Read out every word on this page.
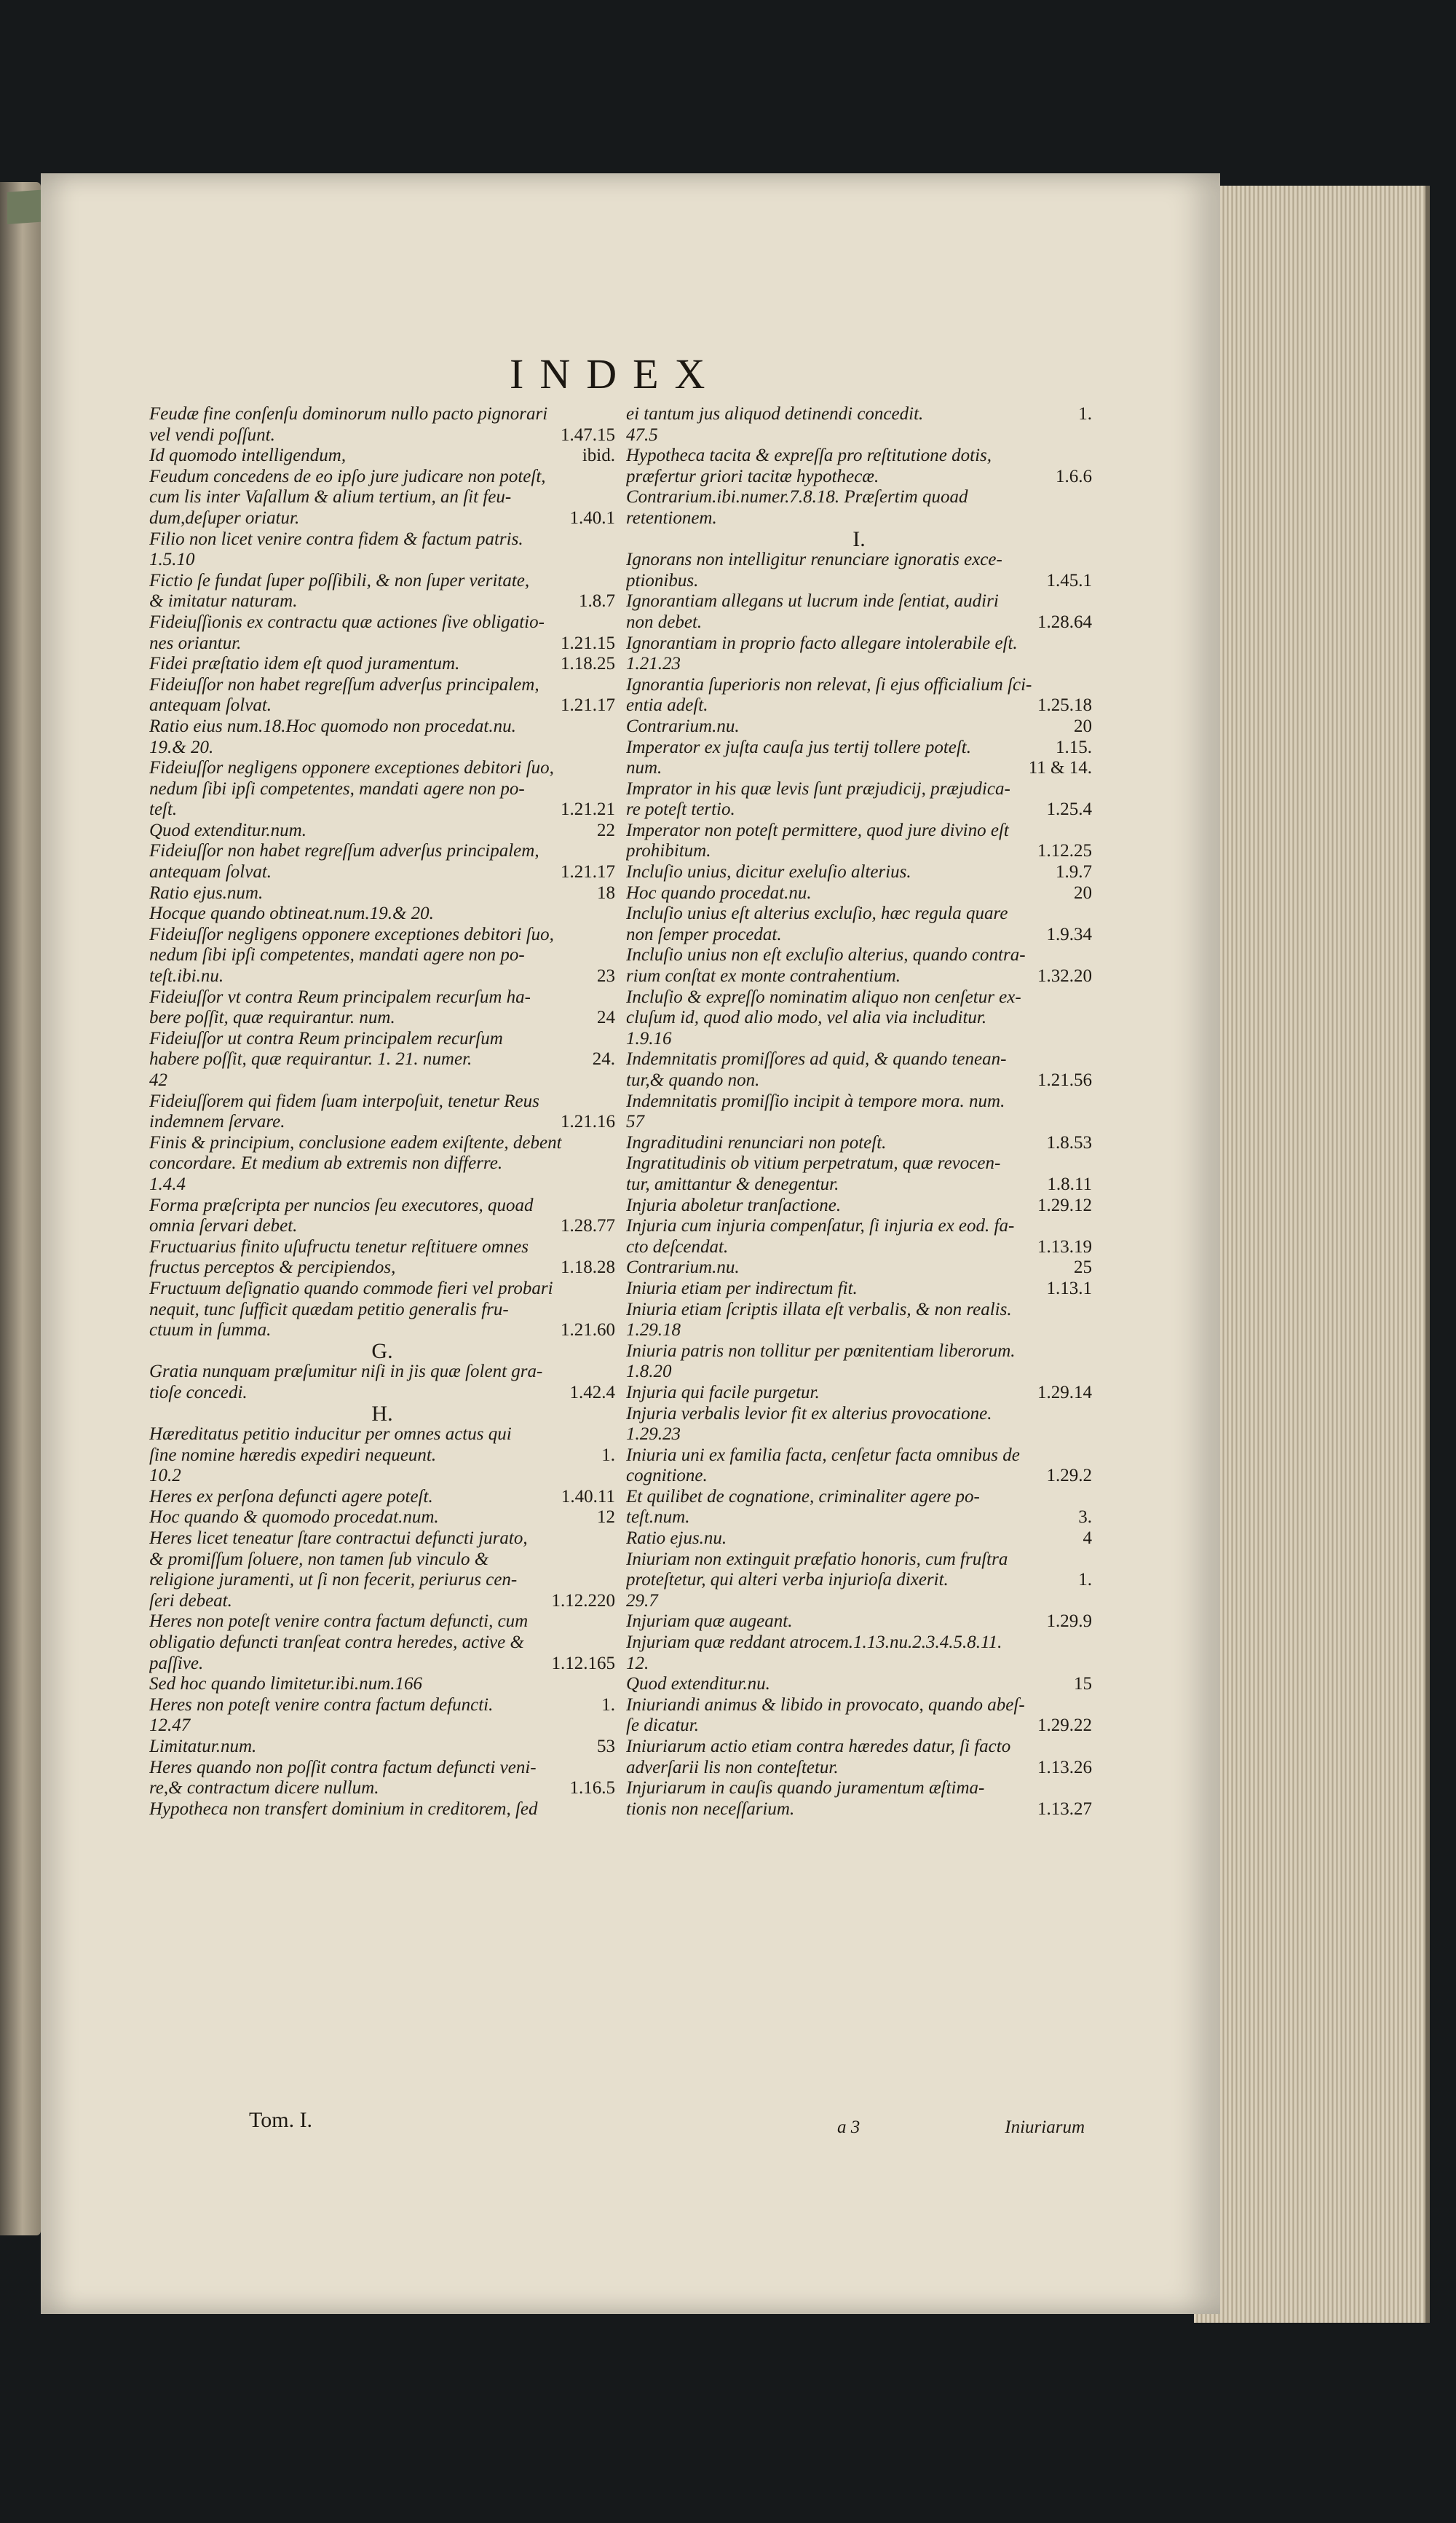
INDEX
Feudæ fine conſenſu dominorum nullo pacto pignorari
vel vendi poſſunt.	1.47.15
Id quomodo intelligendum,	ibid.
Feudum concedens de eo ipſo jure judicare non poteſt,
cum lis inter Vaſallum & alium tertium, an ſit feu-
dum,deſuper oriatur.	1.40.1
Filio non licet venire contra fidem & factum patris.
1.5.10
Fictio ſe fundat ſuper poſſibili, & non ſuper veritate,
& imitatur naturam.	1.8.7
Fideiuſſionis ex contractu quæ actiones ſive obligatio-
nes oriantur.	1.21.15
Fidei præſtatio idem eſt quod juramentum.	1.18.25
Fideiuſſor non habet regreſſum adverſus principalem,
antequam ſolvat.	1.21.17
Ratio eius num.18.Hoc quomodo non procedat.nu.
19.& 20.
Fideiuſſor negligens opponere exceptiones debitori ſuo,
nedum ſibi ipſi competentes, mandati agere non po-
teſt.	1.21.21
Quod extenditur.num.	22
Fideiuſſor non habet regreſſum adverſus principalem,
antequam ſolvat.	1.21.17
Ratio ejus.num.	18
Hocque quando obtineat.num.19.& 20.
Fideiuſſor negligens opponere exceptiones debitori ſuo,
nedum ſibi ipſi competentes, mandati agere non po-
teſt.ibi.nu.	23
Fideiuſſor vt contra Reum principalem recurſum ha-
bere poſſit, quæ requirantur. num.	24
Fideiuſſor ut contra Reum principalem recurſum
habere poſſit, quæ requirantur. 1. 21. numer.	24.
42
Fideiuſſorem qui fidem ſuam interpoſuit, tenetur Reus
indemnem ſervare.	1.21.16
Finis & principium, conclusione eadem exiſtente, debent
concordare. Et medium ab extremis non differre.
1.4.4
Forma præſcripta per nuncios ſeu executores, quoad
omnia ſervari debet.	1.28.77
Fructuarius finito uſufructu tenetur reſtituere omnes
fructus perceptos & percipiendos,	1.18.28
Fructuum deſignatio quando commode fieri vel probari
nequit, tunc ſufficit quædam petitio generalis fru-
ctuum in ſumma.	1.21.60
G.
Gratia nunquam præſumitur niſi in jis quæ ſolent gra-
tioſe concedi.	1.42.4
H.
Hæreditatus petitio inducitur per omnes actus qui
ſine nomine hæredis expediri nequeunt.	1.
10.2
Heres ex perſona defuncti agere poteſt.	1.40.11
Hoc quando & quomodo procedat.num.	12
Heres licet teneatur ſtare contractui defuncti jurato,
& promiſſum ſoluere, non tamen ſub vinculo &
religione juramenti, ut ſi non fecerit, periurus cen-
ſeri debeat.	1.12.220
Heres non poteſt venire contra factum defuncti, cum
obligatio defuncti tranſeat contra heredes, active &
paſſive.	1.12.165
Sed hoc quando limitetur.ibi.num.166
Heres non poteſt venire contra factum defuncti.	1.
12.47
Limitatur.num.	53
Heres quando non poſſit contra factum defuncti veni-
re,& contractum dicere nullum.	1.16.5
Hypotheca non transfert dominium in creditorem, ſed
ei tantum jus aliquod detinendi concedit.	1.
47.5
Hypotheca tacita & expreſſa pro reſtitutione dotis,
præfertur griori tacitæ hypothecæ.	1.6.6
Contrarium.ibi.numer.7.8.18. Præſertim quoad
retentionem.
I.
Ignorans non intelligitur renunciare ignoratis exce-
ptionibus.	1.45.1
Ignorantiam allegans ut lucrum inde ſentiat, audiri
non debet.	1.28.64
Ignorantiam in proprio facto allegare intolerabile eſt.
1.21.23
Ignorantia ſuperioris non relevat, ſi ejus officialium ſci-
entia adeſt.	1.25.18
Contrarium.nu.	20
Imperator ex juſta cauſa jus tertij tollere poteſt.	1.15.
num.	11 & 14.
Imprator in his quæ levis ſunt præjudicij, præjudica-
re poteſt tertio.	1.25.4
Imperator non poteſt permittere, quod jure divino eſt
prohibitum.	1.12.25
Incluſio unius, dicitur exeluſio alterius.	1.9.7
Hoc quando procedat.nu.	20
Incluſio unius eſt alterius excluſio, hæc regula quare
non ſemper procedat.	1.9.34
Incluſio unius non eſt excluſio alterius, quando contra-
rium conſtat ex monte contrahentium.	1.32.20
Incluſio & expreſſo nominatim aliquo non cenſetur ex-
cluſum id, quod alio modo, vel alia via includitur.
1.9.16
Indemnitatis promiſſores ad quid, & quando tenean-
tur,& quando non.	1.21.56
Indemnitatis promiſſio incipit à tempore mora. num.
57
Ingraditudini renunciari non poteſt.	1.8.53
Ingratitudinis ob vitium perpetratum, quæ revocen-
tur, amittantur & denegentur.	1.8.11
Injuria aboletur tranſactione.	1.29.12
Injuria cum injuria compenſatur, ſi injuria ex eod. fa-
cto deſcendat.	1.13.19
Contrarium.nu.	25
Iniuria etiam per indirectum fit.	1.13.1
Iniuria etiam ſcriptis illata eſt verbalis, & non realis.
1.29.18
Iniuria patris non tollitur per pœnitentiam liberorum.
1.8.20
Injuria qui facile purgetur.	1.29.14
Injuria verbalis levior fit ex alterius provocatione.
1.29.23
Iniuria uni ex familia facta, cenſetur facta omnibus de
cognitione.	1.29.2
Et quilibet de cognatione, criminaliter agere po-
teſt.num.	3.
Ratio ejus.nu.	4
Iniuriam non extinguit præfatio honoris, cum fruſtra
proteſtetur, qui alteri verba injurioſa dixerit.	1.
29.7
Injuriam quæ augeant.	1.29.9
Injuriam quæ reddant atrocem.1.13.nu.2.3.4.5.8.11.
12.
Quod extenditur.nu.	15
Iniuriandi animus & libido in provocato, quando abeſ-
ſe dicatur.	1.29.22
Iniuriarum actio etiam contra hæredes datur, ſi facto
adverſarii lis non conteſtetur.	1.13.26
Injuriarum in cauſis quando juramentum æſtima-
tionis non neceſſarium.	1.13.27
Tom. I.	a 3	Iniuriarum
